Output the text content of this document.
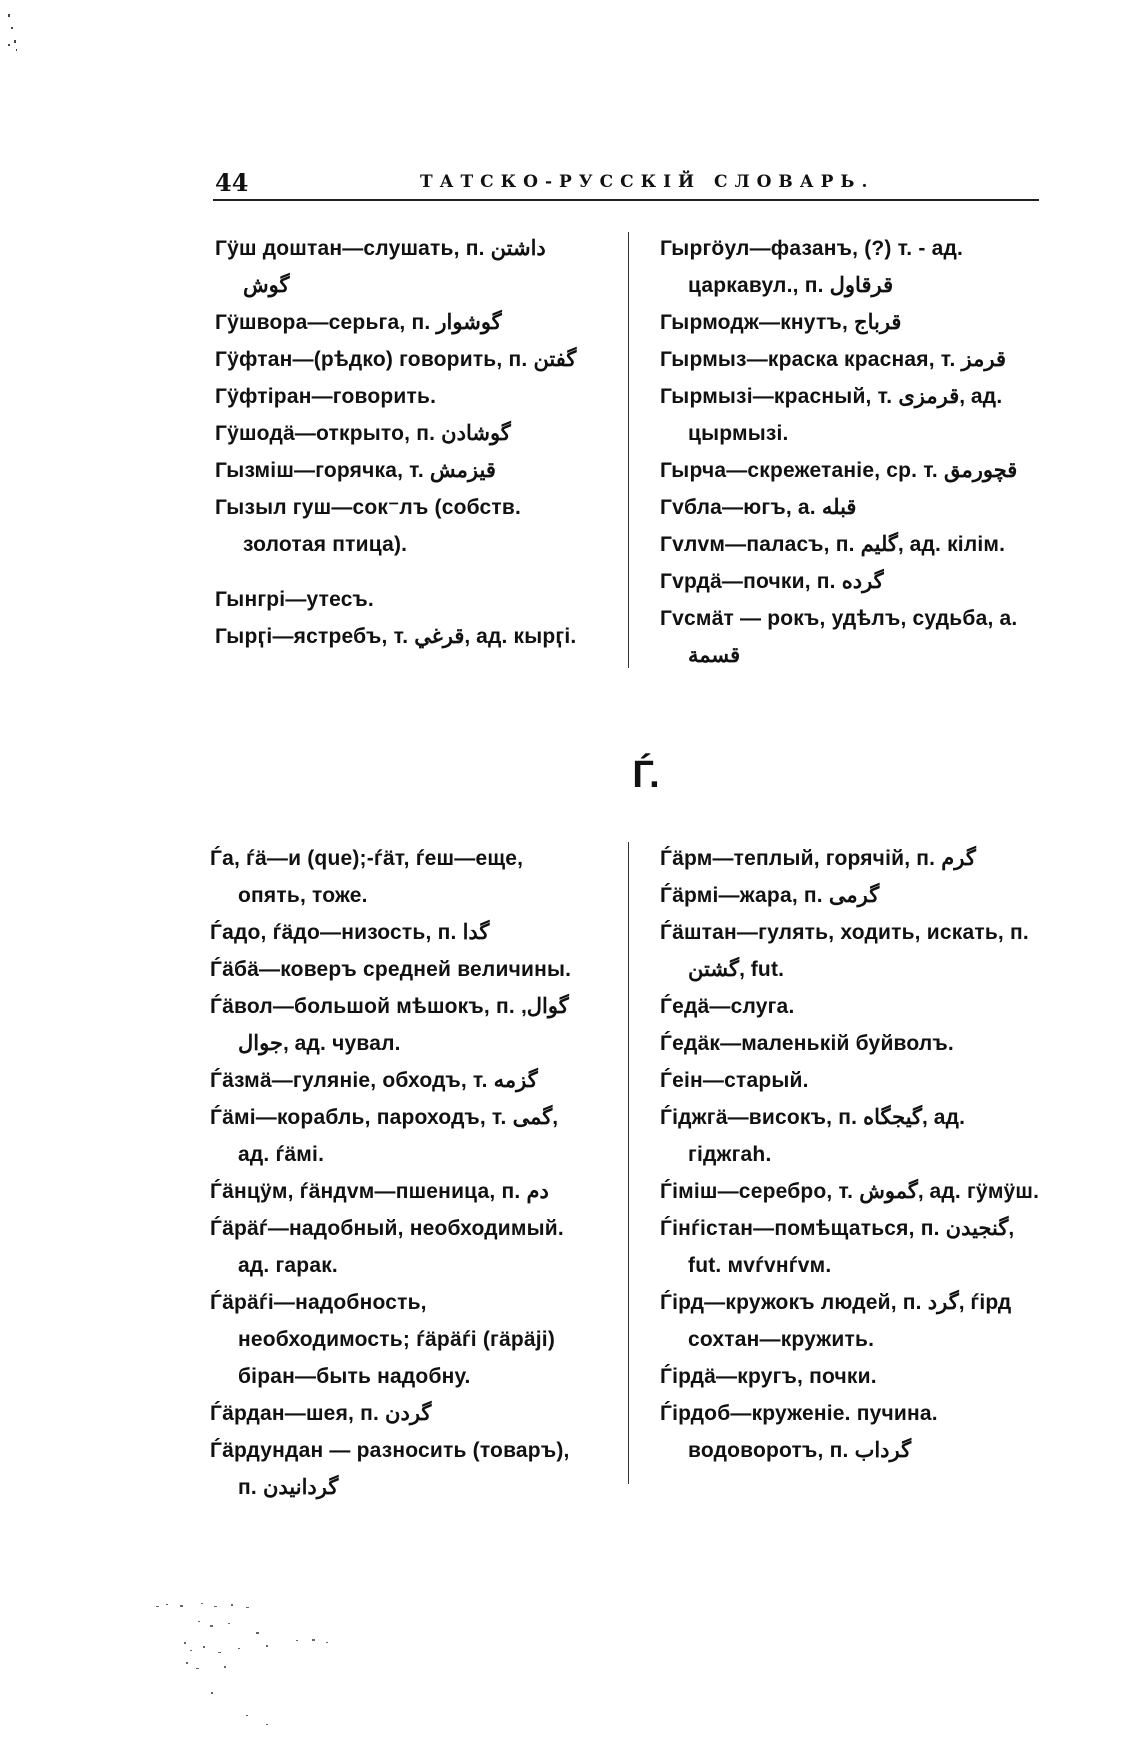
44	ТАТСКО-РУССКІЙ СЛОВАРЬ.
Гӱш доштан—слушать, п. داشتن گوش
Гӱшвора—серьга, п. گوشوار
Гӱфтан—(рѣдко) говорить, п. گفتن
Гӱфтіран—говорить.
Гӱшодӓ—открыто, п. گوشادن
Гызміш—горячка, т. قيزمش
Гызыл гуш—сок⁻лъ (собств. золотая птица).
Гынгрі—утесъ.
Гырӷі—ястребъ, т. قرغي, ад. кырӷі.
Гыргӧул—фазанъ, (?) т. - ад. царкавул., п. قرقاول
Гырмодж—кнутъ, قرباج
Гырмыз—краска краснaя, т. قرمز
Гырмызі—красный, т. قرمزى, ад. цырмызі.
Гырча—скрежетаніе, ср. т. قچورمق
Гvбла—югъ, а. قبله
Гvлvм—паласъ, п. گليم, ад. кілім.
Гvрдӓ—почки, п. گرده
Гvсмӓт — рокъ, удѣлъ, судьба, а. قسمة
Ѓ.
Ѓа, ѓӓ—и (que);-ѓӓт, ѓеш—еще, опять, тоже.
Ѓадо, ѓӓдо—низость, п. گدا
Ѓӓбӓ—коверъ средней величины.
Ѓӓвол—большой мѣшокъ, п. گوال, جوال, ад. чувал.
Ѓӓзмӓ—гуляніе, обходъ, т. گزمه
Ѓӓмі—корабль, пароходъ, т. گمى, ад. ѓӓмі.
Ѓӓнцӱм, ѓӓндvм—пшеница, п. دم
Ѓӓрӓѓ—надобный, необходимый. ад. гарак.
Ѓӓрӓѓі—надобность, необходимость; ѓӓрӓѓі (гӓрӓјі) біран—быть надобну.
Ѓӓрдан—шея, п. گردن
Ѓӓрдундан — разносить (товаръ), п. گردانيدن
Ѓӓрм—теплый, горячій, п. گرم
Ѓӓрмі—жара, п. گرمى
Ѓӓштан—гулять, ходить, искать, п. گشتن, fut.
Ѓедӓ—слуга.
Ѓедӓк—маленькій буйволъ.
Ѓеін—старый.
Ѓіджгӓ—високъ, п. گيجگاه, ад. гіджгаh.
Ѓіміш—серебро, т. گموش, ад. гӱмӱш.
Ѓінѓістан—помѣщаться, п. گنجيدن, fut. мvѓvнѓvм.
Ѓірд—кружокъ людей, п. گرد, ѓірд сохтан—кружить.
Ѓірдӓ—кругъ, почки.
Ѓірдоб—круженіе. пучина. водоворотъ, п. گرداب
